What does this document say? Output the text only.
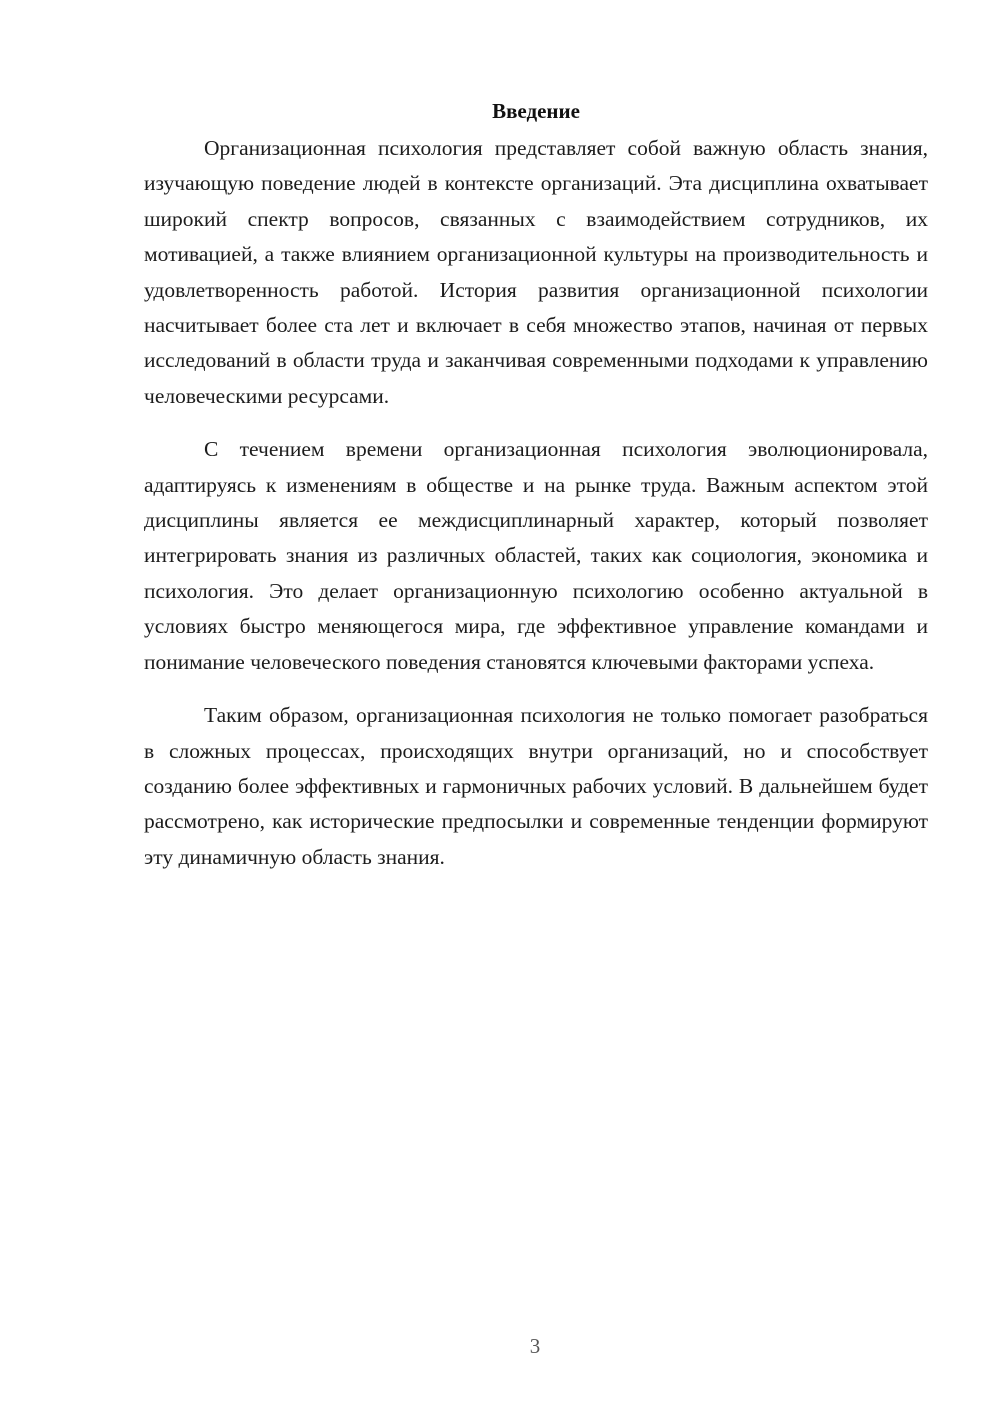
Введение

Организационная психология представляет собой важную область знания, изучающую поведение людей в контексте организаций. Эта дисциплина охватывает широкий спектр вопросов, связанных с взаимодействием сотрудников, их мотивацией, а также влиянием организационной культуры на производительность и удовлетворенность работой. История развития организационной психологии насчитывает более ста лет и включает в себя множество этапов, начиная от первых исследований в области труда и заканчивая современными подходами к управлению человеческими ресурсами.

С течением времени организационная психология эволюционировала, адаптируясь к изменениям в обществе и на рынке труда. Важным аспектом этой дисциплины является ее междисциплинарный характер, который позволяет интегрировать знания из различных областей, таких как социология, экономика и психология. Это делает организационную психологию особенно актуальной в условиях быстро меняющегося мира, где эффективное управление командами и понимание человеческого поведения становятся ключевыми факторами успеха.

Таким образом, организационная психология не только помогает разобраться в сложных процессах, происходящих внутри организаций, но и способствует созданию более эффективных и гармоничных рабочих условий. В дальнейшем будет рассмотрено, как исторические предпосылки и современные тенденции формируют эту динамичную область знания.

3
